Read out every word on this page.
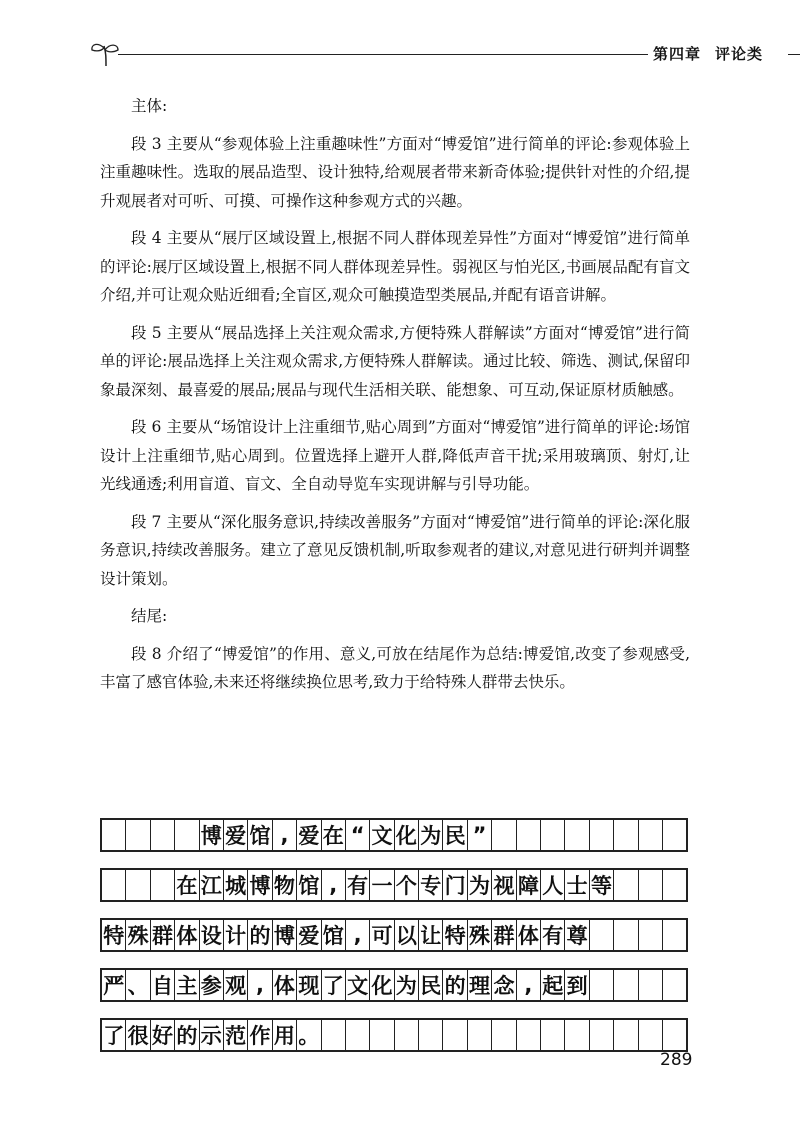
第四章 评论类

主体:

段 3 主要从“参观体验上注重趣味性”方面对“博爱馆”进行简单的评论:参观体验上注重趣味性。选取的展品造型、设计独特,给观展者带来新奇体验;提供针对性的介绍,提升观展者对可听、可摸、可操作这种参观方式的兴趣。

段 4 主要从“展厅区域设置上,根据不同人群体现差异性”方面对“博爱馆”进行简单的评论:展厅区域设置上,根据不同人群体现差异性。弱视区与怕光区,书画展品配有盲文介绍,并可让观众贴近细看;全盲区,观众可触摸造型类展品,并配有语音讲解。

段 5 主要从“展品选择上关注观众需求,方便特殊人群解读”方面对“博爱馆”进行简单的评论:展品选择上关注观众需求,方便特殊人群解读。通过比较、筛选、测试,保留印象最深刻、最喜爱的展品;展品与现代生活相关联、能想象、可互动,保证原材质触感。

段 6 主要从“场馆设计上注重细节,贴心周到”方面对“博爱馆”进行简单的评论:场馆设计上注重细节,贴心周到。位置选择上避开人群,降低声音干扰;采用玻璃顶、射灯,让光线通透;利用盲道、盲文、全自动导览车实现讲解与引导功能。

段 7 主要从“深化服务意识,持续改善服务”方面对“博爱馆”进行简单的评论:深化服务意识,持续改善服务。建立了意见反馈机制,听取参观者的建议,对意见进行研判并调整设计策划。

结尾:

段 8 介绍了“博爱馆”的作用、意义,可放在结尾作为总结:博爱馆,改变了参观感受,丰富了感官体验,未来还将继续换位思考,致力于给特殊人群带去快乐。

博 爱 馆 , 爱 在 “ 文 化 为 民 ”
在 江 城 博 物 馆 , 有 一 个 专 门 为 视 障 人 士 等
特 殊 群 体 设 计 的 博 爱 馆 , 可 以 让 特 殊 群 体 有 尊
严 、 自 主 参 观 , 体 现 了 文 化 为 民 的 理 念 , 起 到
了 很 好 的 示 范 作 用 。
289
